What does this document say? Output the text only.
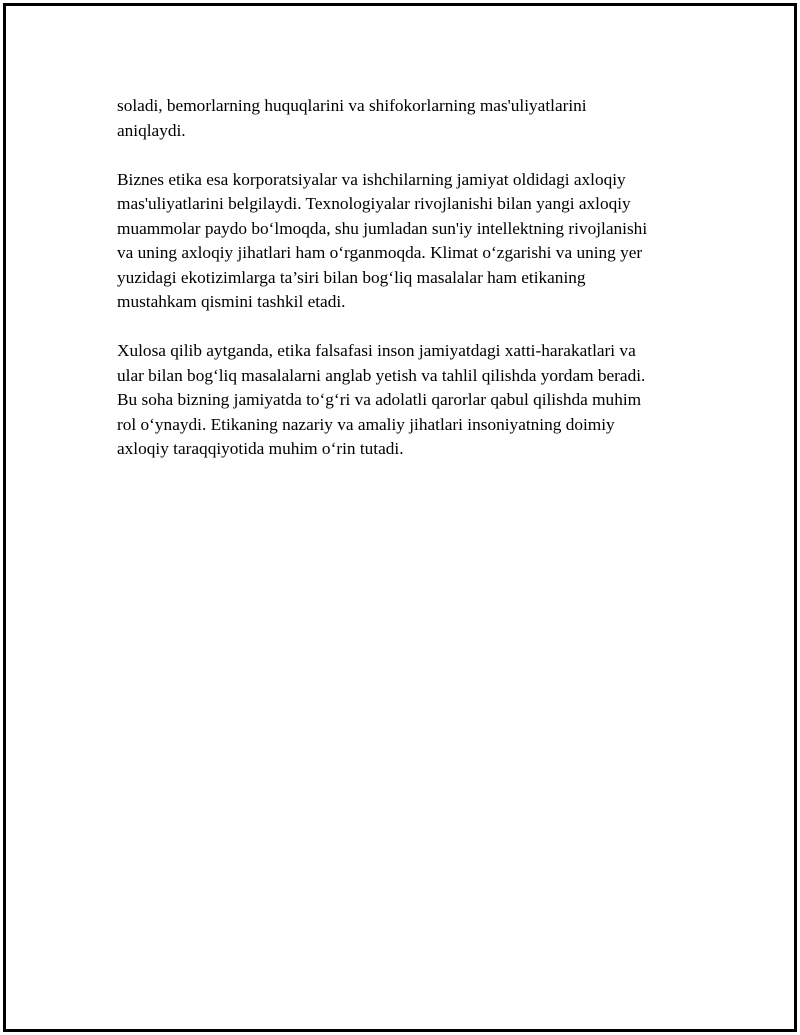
soladi, bemorlarning huquqlarini va shifokorlarning mas'uliyatlarini
aniqlaydi.

Biznes etika esa korporatsiyalar va ishchilarning jamiyat oldidagi axloqiy
mas'uliyatlarini belgilaydi. Texnologiyalar rivojlanishi bilan yangi axloqiy
muammolar paydo boʻlmoqda, shu jumladan sun'iy intellektning rivojlanishi
va uning axloqiy jihatlari ham oʻrganmoqda. Klimat oʻzgarishi va uning yer
yuzidagi ekotizimlarga ta’siri bilan bogʻliq masalalar ham etikaning
mustahkam qismini tashkil etadi.

Xulosa qilib aytganda, etika falsafasi inson jamiyatdagi xatti-harakatlari va
ular bilan bogʻliq masalalarni anglab yetish va tahlil qilishda yordam beradi.
Bu soha bizning jamiyatda toʻgʻri va adolatli qarorlar qabul qilishda muhim
rol oʻynaydi. Etikaning nazariy va amaliy jihatlari insoniyatning doimiy
axloqiy taraqqiyotida muhim oʻrin tutadi.
